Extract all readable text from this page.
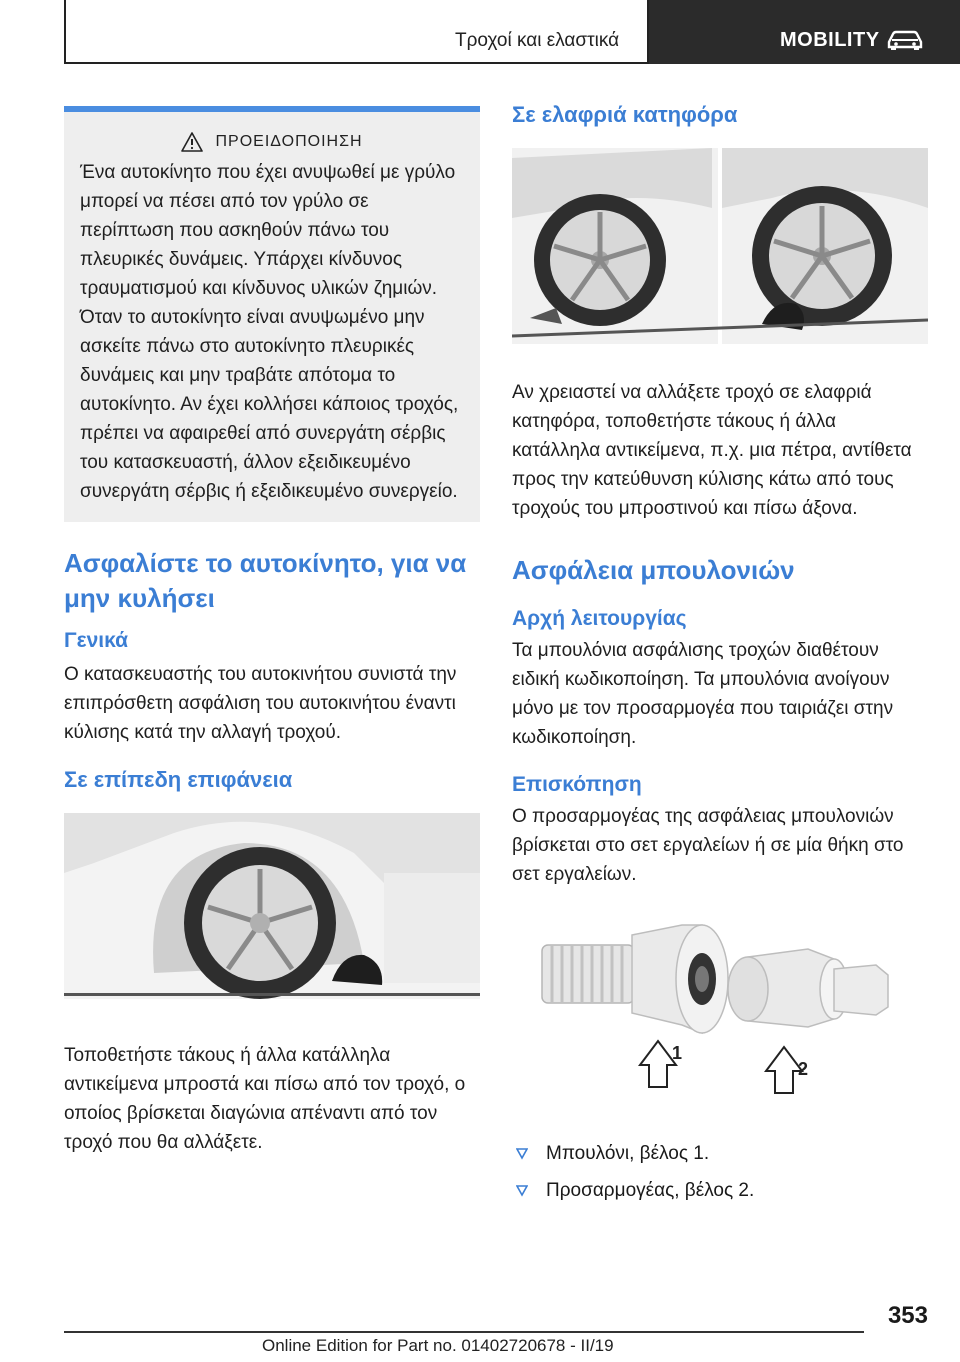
Τροχοί και ελαστικά	MOBILITY
ΠΡΟΕΙΔΟΠΟΙΗΣΗ

Ένα αυτοκίνητο που έχει ανυψωθεί με γρύλο μπορεί να πέσει από τον γρύλο σε περίπτωση που ασκηθούν πάνω του πλευρικές δυνάμεις. Υπάρχει κίνδυνος τραυματισμού και κίνδυνος υλικών ζημιών. Όταν το αυτοκίνητο είναι ανυψωμένο μην ασκείτε πάνω στο αυτοκίνητο πλευρικές δυνάμεις και μην τραβάτε απότομα το αυτοκίνητο. Αν έχει κολλήσει κάποιος τροχός, πρέπει να αφαιρεθεί από συνεργάτη σέρβις του κατασκευαστή, άλλον εξειδικευμένο συνεργάτη σέρβις ή εξειδικευμένο συνεργείο.

Ασφαλίστε το αυτοκίνητο, για να μην κυλήσει
Γενικά

Ο κατασκευαστής του αυτοκινήτου συνιστά την επιπρόσθετη ασφάλιση του αυτοκινήτου έναντι κύλισης κατά την αλλαγή τροχού.

Σε επίπεδη επιφάνεια

Τοποθετήστε τάκους ή άλλα κατάλληλα αντικείμενα μπροστά και πίσω από τον τροχό, ο οποίος βρίσκεται διαγώνια απέναντι από τον τροχό που θα αλλάξετε.

Σε ελαφριά κατηφόρα

Αν χρειαστεί να αλλάξετε τροχό σε ελαφριά κατηφόρα, τοποθετήστε τάκους ή άλλα κατάλληλα αντικείμενα, π.χ. μια πέτρα, αντίθετα προς την κατεύθυνση κύλισης κάτω από τους τροχούς του μπροστινού και πίσω άξονα.

Ασφάλεια μπουλονιών
Αρχή λειτουργίας

Τα μπουλόνια ασφάλισης τροχών διαθέτουν ειδική κωδικοποίηση. Τα μπουλόνια ανοίγουν μόνο με τον προσαρμογέα που ταιριάζει στην κωδικοποίηση.

Επισκόπηση

Ο προσαρμογέας της ασφάλειας μπουλονιών βρίσκεται στο σετ εργαλείων ή σε μία θήκη στο σετ εργαλείων.

1
2
Μπουλόνι, βέλος 1.
Προσαρμογέας, βέλος 2.
353
Online Edition for Part no. 01402720678 - II/19
